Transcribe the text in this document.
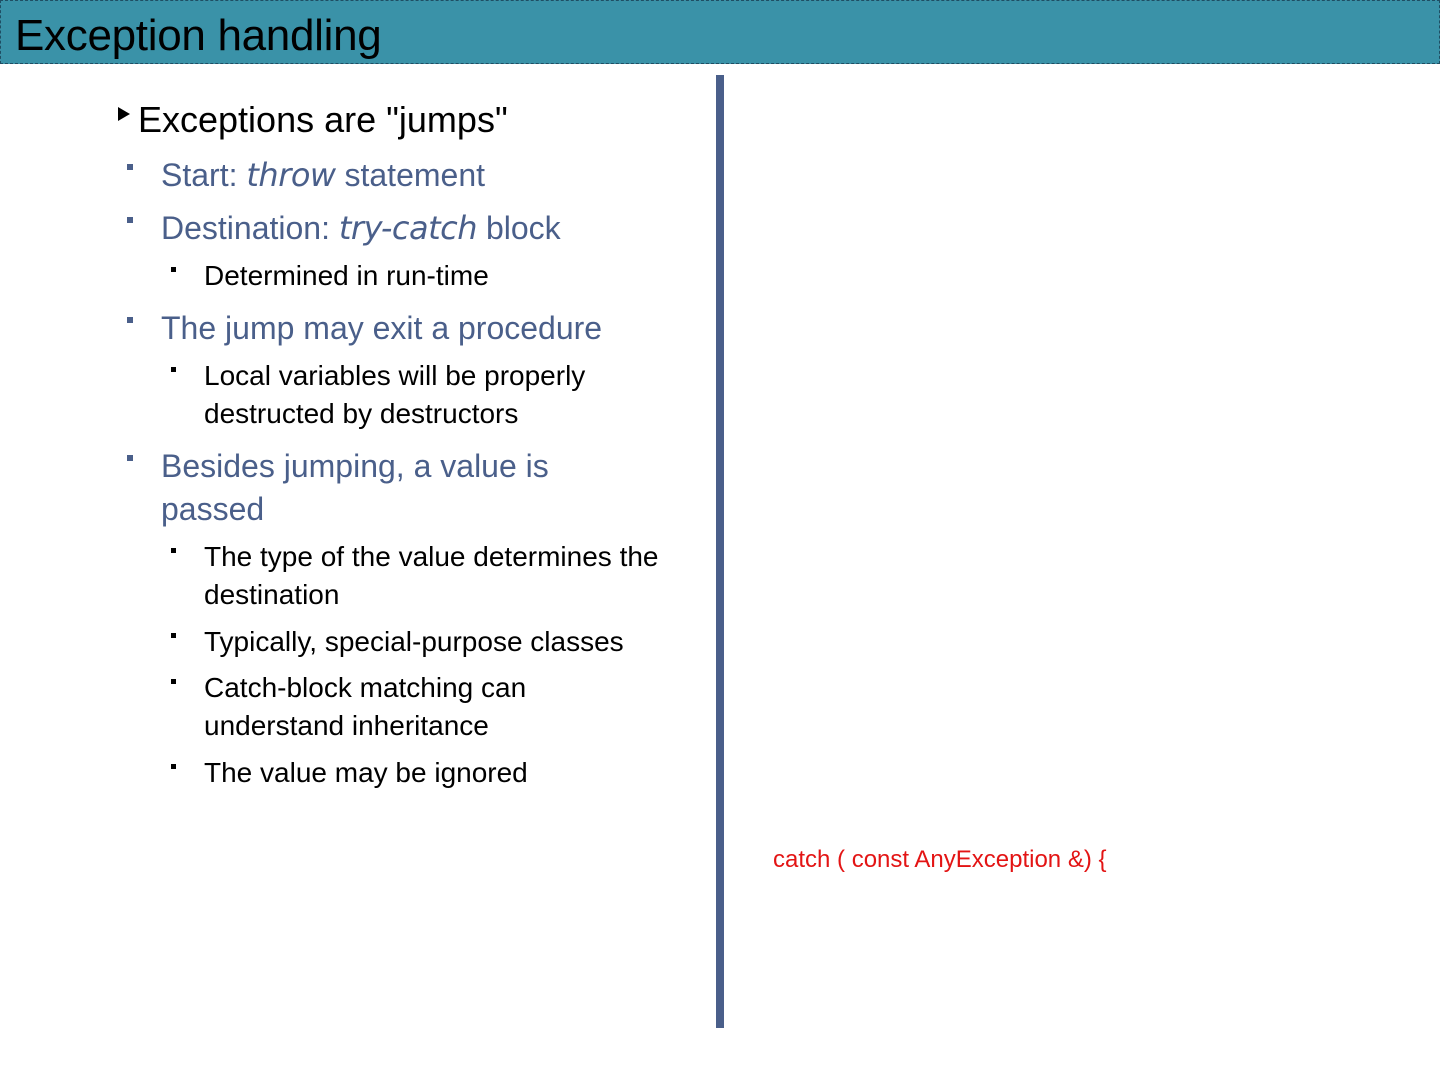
Exception handling
Exceptions are "jumps"
Start: throw statement
Destination: try-catch block
Determined in run-time
The jump may exit a procedure
Local variables will be properly destructed by destructors
Besides jumping, a value is passed
The type of the value determines the destination
Typically, special-purpose classes
Catch-block matching can understand inheritance
The value may be ignored
catch ( const AnyException &) {
